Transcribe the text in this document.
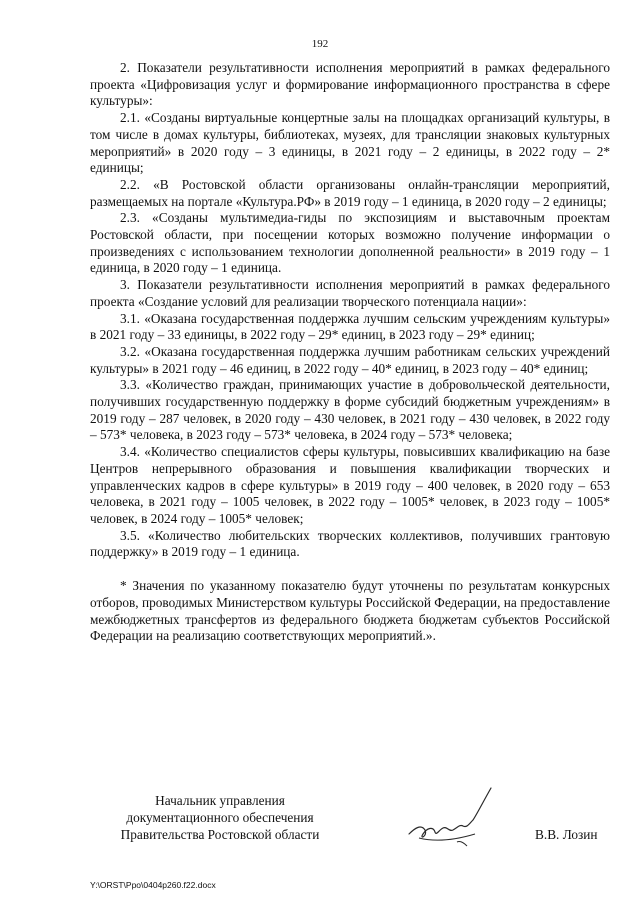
192

2. Показатели результативности исполнения мероприятий в рамках федерального проекта «Цифровизация услуг и формирование информационного пространства в сфере культуры»:

2.1. «Созданы виртуальные концертные залы на площадках организаций культуры, в том числе в домах культуры, библиотеках, музеях, для трансляции знаковых культурных мероприятий» в 2020 году – 3 единицы, в 2021 году – 2 единицы, в 2022 году – 2* единицы;

2.2. «В Ростовской области организованы онлайн-трансляции мероприятий, размещаемых на портале «Культура.РФ» в 2019 году – 1 единица, в 2020 году – 2 единицы;

2.3. «Созданы мультимедиа-гиды по экспозициям и выставочным проектам Ростовской области, при посещении которых возможно получение информации о произведениях с использованием технологии дополненной реальности» в 2019 году – 1 единица, в 2020 году – 1 единица.

3. Показатели результативности исполнения мероприятий в рамках федерального проекта «Создание условий для реализации творческого потенциала нации»:

3.1. «Оказана государственная поддержка лучшим сельским учреждениям культуры» в 2021 году – 33 единицы, в 2022 году – 29* единиц, в 2023 году – 29* единиц;

3.2. «Оказана государственная поддержка лучшим работникам сельских учреждений культуры» в 2021 году – 46 единиц, в 2022 году – 40* единиц, в 2023 году – 40* единиц;

3.3. «Количество граждан, принимающих участие в добровольческой деятельности, получивших государственную поддержку в форме субсидий бюджетным учреждениям» в 2019 году – 287 человек, в 2020 году – 430 человек, в 2021 году – 430 человек, в 2022 году – 573* человека, в 2023 году – 573* человека, в 2024 году – 573* человека;

3.4. «Количество специалистов сферы культуры, повысивших квалификацию на базе Центров непрерывного образования и повышения квалификации творческих и управленческих кадров в сфере культуры» в 2019 году – 400 человек, в 2020 году – 653 человека, в 2021 году – 1005 человек, в 2022 году – 1005* человек, в 2023 году – 1005* человек, в 2024 году – 1005* человек;

3.5. «Количество любительских творческих коллективов, получивших грантовую поддержку» в 2019 году – 1 единица.

* Значения по указанному показателю будут уточнены по результатам конкурсных отборов, проводимых Министерством культуры Российской Федерации, на предоставление межбюджетных трансфертов из федерального бюджета бюджетам субъектов Российской Федерации на реализацию соответствующих мероприятий.».

Начальник управления
документационного обеспечения
Правительства Ростовской области	В.В. Лозин
Y:\ORST\Ppo\0404p260.f22.docx
